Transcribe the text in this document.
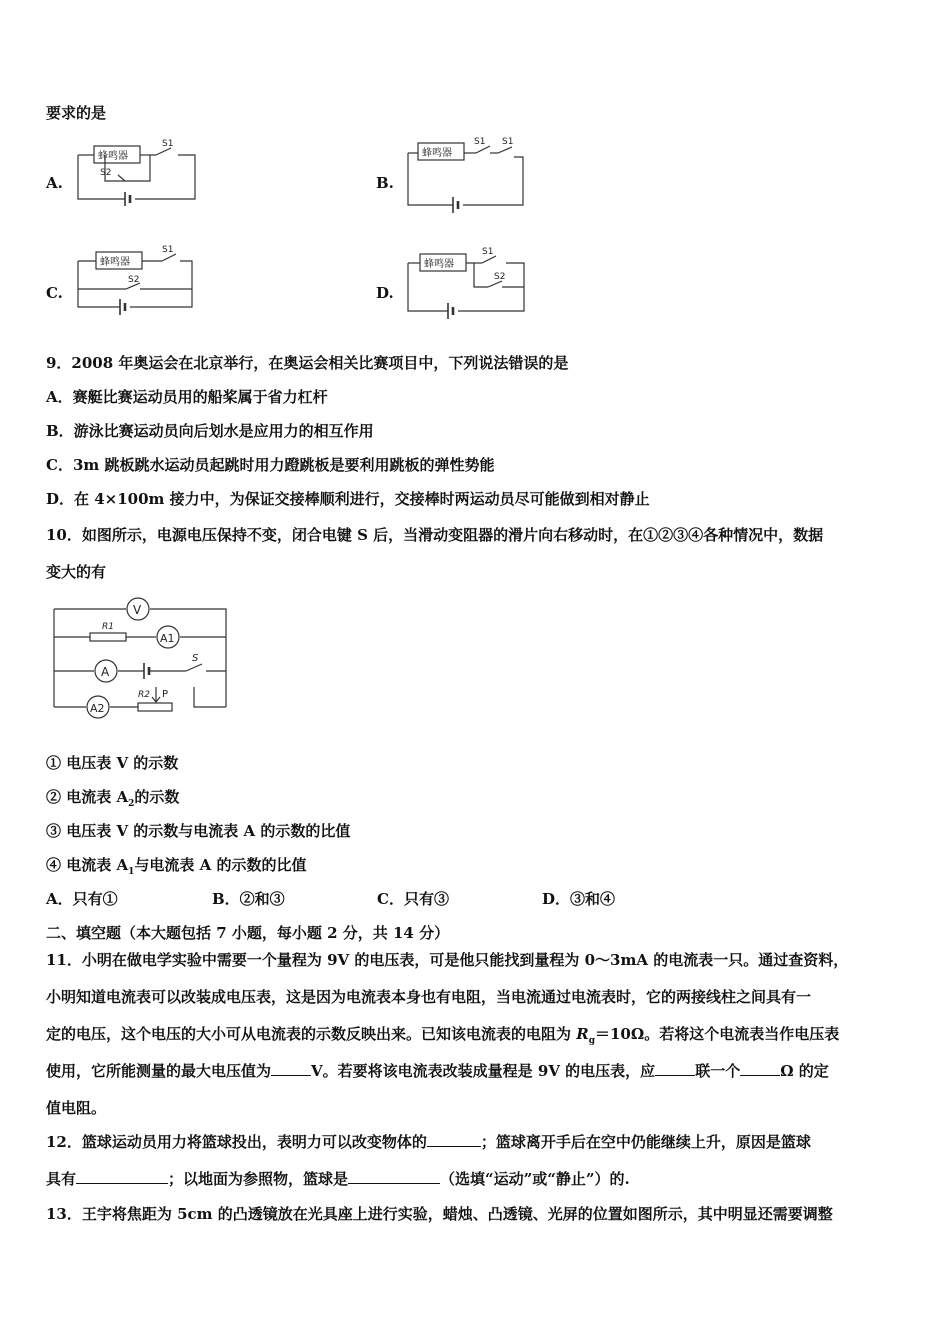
要求的是
A.	B.
C.	D.
蜂鸣器
S1
S2
蜂鸣器
S1 S1
蜂鸣器
S1
S2
蜂鸣器
S1
S2
9．2008 年奥运会在北京举行，在奥运会相关比赛项目中，下列说法错误的是
A．赛艇比赛运动员用的船桨属于省力杠杆
B．游泳比赛运动员向后划水是应用力的相互作用
C．3m 跳板跳水运动员起跳时用力蹬跳板是要利用跳板的弹性势能
D．在 4×100m 接力中，为保证交接棒顺利进行，交接棒时两运动员尽可能做到相对静止
10．如图所示，电源电压保持不变，闭合电键 S 后，当滑动变阻器的滑片向右移动时，在①②③④各种情况中，数据
变大的有
V
A1
A
A2
R1
R2
S
P
① 电压表 V 的示数
② 电流表 $A_2$的示数
③ 电压表 V 的示数与电流表 A 的示数的比值
④ 电流表 $A_1$与电流表 A 的示数的比值
A．只有①	B．②和③	C．只有③	D．③和④
二、填空题（本大题包括 7 小题，每小题 2 分，共 14 分）
11．小明在做电学实验中需要一个量程为 9V 的电压表，可是他只能找到量程为 0～3mA 的电流表一只。通过查资料，
小明知道电流表可以改装成电压表，这是因为电流表本身也有电阻，当电流通过电流表时，它的两接线柱之间具有一
定的电压，这个电压的大小可从电流表的示数反映出来。已知该电流表的电阻为 $R_g=10\Omega$。若将这个电流表当作电压表
使用，它所能测量的最大电压值为	V。若要将该电流表改装成量程是 9V 的电压表，应	联一个	Ω 的定
值电阻。
12．篮球运动员用力将篮球投出，表明力可以改变物体的	；篮球离开手后在空中仍能继续上升，原因是篮球
具有	；以地面为参照物，篮球是	（选填“运动”或“静止”）的.
13．王宇将焦距为 5cm 的凸透镜放在光具座上进行实验，蜡烛、凸透镜、光屏的位置如图所示，其中明显还需要调整
